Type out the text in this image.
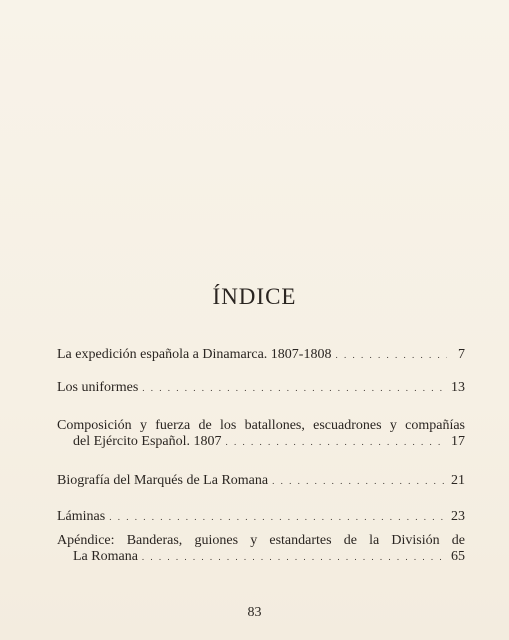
ÍNDICE
La expedición española a Dinamarca. 1807-1808 . . .	7
Los uniformes . . .	13
Composición y fuerza de los batallones, escuadrones y compañías
del Ejército Español. 1807 . . .	17
Biografía del Marqués de La Romana . . .	21
Láminas . . .	23
Apéndice: Banderas, guiones y estandartes de la División de
La Romana . . .	65
83
